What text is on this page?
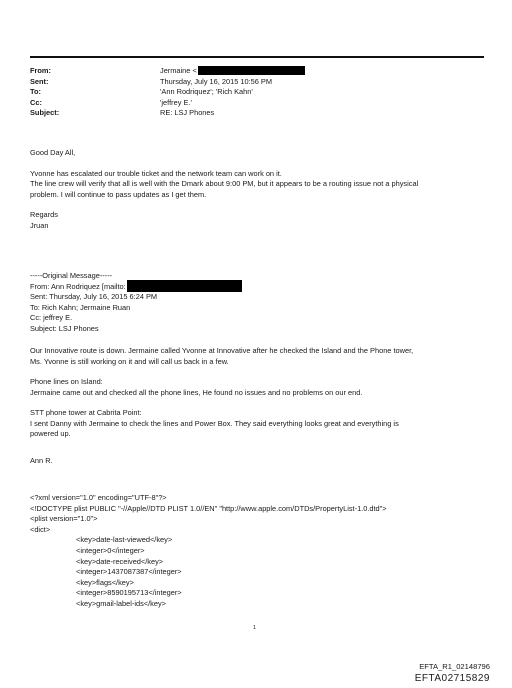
From:	Jermaine <
Sent:	Thursday, July 16, 2015 10:56 PM
To:	'Ann Rodriquez'; 'Rich Kahn'
Cc:	'jeffrey E.'
Subject:	RE: LSJ Phones

Good Day All,

Yvonne has escalated our trouble ticket and the network team can work on it.

The line crew will verify that all is well with the Dmark about 9:00 PM, but it appears to be a routing issue not a physical

problem. I will continue to pass updates as I get them.

Regards

Jruan

-----Original Message-----

From: Ann Rodriquez [mailto:

Sent: Thursday, July 16, 2015 6:24 PM

To: Rich Kahn; Jermaine Ruan

Cc: jeffrey E.

Subject: LSJ Phones

Our Innovative route is down. Jermaine called Yvonne at Innovative after he checked the Island and the Phone tower,

Ms. Yvonne is still working on it and will call us back in a few.

Phone lines on Island:

Jermaine came out and checked all the phone lines, He found no issues and no problems on our end.

STT phone tower at Cabrita Point:

I sent Danny with Jermaine to check the lines and Power Box. They said everything looks great and everything is

powered up.

Ann R.

<?xml version="1.0" encoding="UTF-8"?>
<!DOCTYPE plist PUBLIC "-//Apple//DTD PLIST 1.0//EN" "http://www.apple.com/DTDs/PropertyList-1.0.dtd">
<plist version="1.0">
<dict>
<key>date-last-viewed</key>
<integer>0</integer>
<key>date-received</key>
<integer>1437087387</integer>
<key>flags</key>
<integer>8590195713</integer>
<key>gmail-label-ids</key>
1
EFTA_R1_02148796
EFTA02715829
